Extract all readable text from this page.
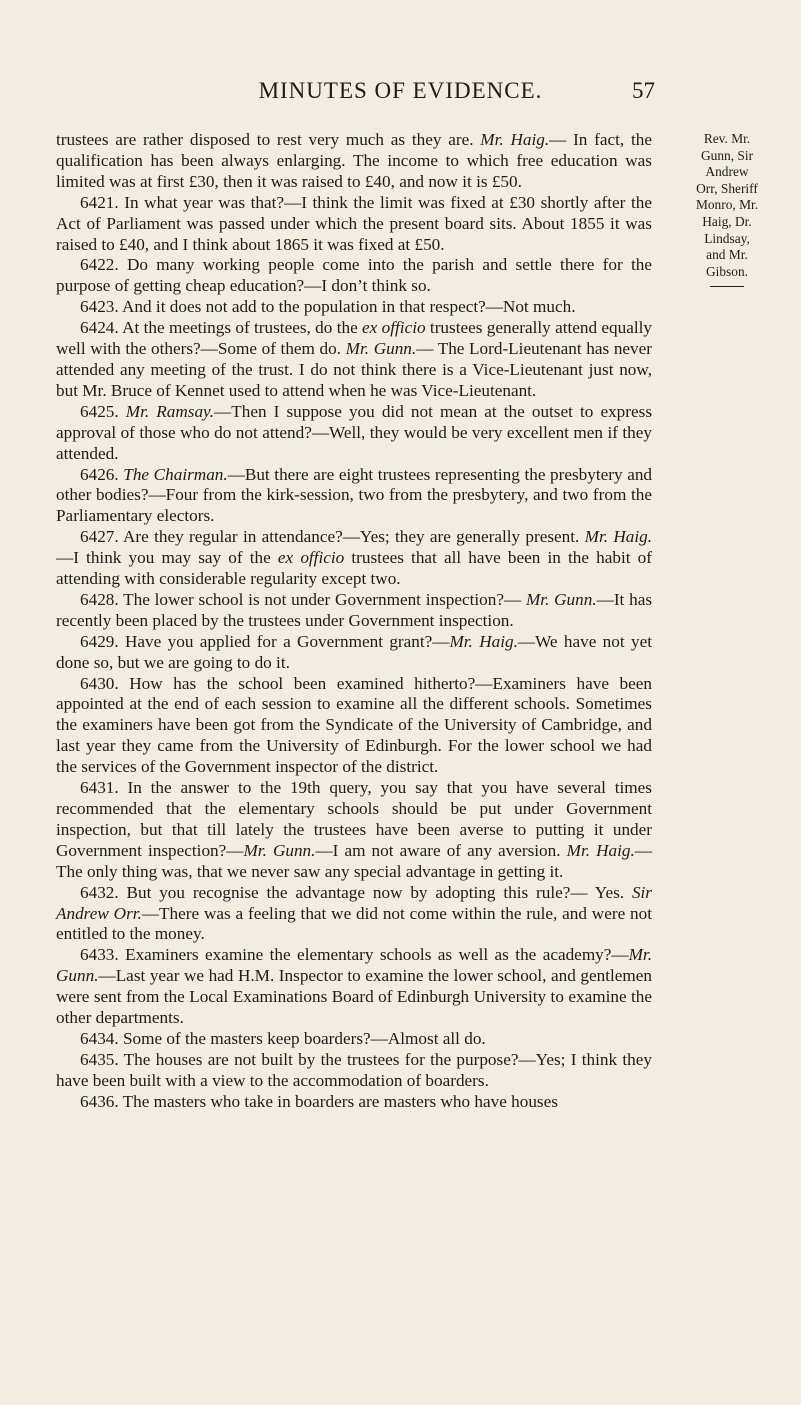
MINUTES OF EVIDENCE.	57

trustees are rather disposed to rest very much as they are. Mr. Haig.— In fact, the qualification has been always enlarging. The income to which free education was limited was at first £30, then it was raised to £40, and now it is £50.

6421. In what year was that?—I think the limit was fixed at £30 shortly after the Act of Parliament was passed under which the present board sits. About 1855 it was raised to £40, and I think about 1865 it was fixed at £50.

6422. Do many working people come into the parish and settle there for the purpose of getting cheap education?—I don’t think so.

6423. And it does not add to the population in that respect?—Not much.

6424. At the meetings of trustees, do the ex officio trustees generally attend equally well with the others?—Some of them do. Mr. Gunn.— The Lord-Lieutenant has never attended any meeting of the trust. I do not think there is a Vice-Lieutenant just now, but Mr. Bruce of Kennet used to attend when he was Vice-Lieutenant.

6425. Mr. Ramsay.—Then I suppose you did not mean at the outset to express approval of those who do not attend?—Well, they would be very excellent men if they attended.

6426. The Chairman.—But there are eight trustees representing the presbytery and other bodies?—Four from the kirk-session, two from the presbytery, and two from the Parliamentary electors.

6427. Are they regular in attendance?—Yes; they are generally present. Mr. Haig.—I think you may say of the ex officio trustees that all have been in the habit of attending with considerable regularity except two.

6428. The lower school is not under Government inspection?— Mr. Gunn.—It has recently been placed by the trustees under Government inspection.

6429. Have you applied for a Government grant?—Mr. Haig.—We have not yet done so, but we are going to do it.

6430. How has the school been examined hitherto?—Examiners have been appointed at the end of each session to examine all the different schools. Sometimes the examiners have been got from the Syndicate of the University of Cambridge, and last year they came from the University of Edinburgh. For the lower school we had the services of the Government inspector of the district.

6431. In the answer to the 19th query, you say that you have several times recommended that the elementary schools should be put under Government inspection, but that till lately the trustees have been averse to putting it under Government inspection?—Mr. Gunn.—I am not aware of any aversion. Mr. Haig.—The only thing was, that we never saw any special advantage in getting it.

6432. But you recognise the advantage now by adopting this rule?— Yes. Sir Andrew Orr.—There was a feeling that we did not come within the rule, and were not entitled to the money.

6433. Examiners examine the elementary schools as well as the academy?—Mr. Gunn.—Last year we had H.M. Inspector to examine the lower school, and gentlemen were sent from the Local Examinations Board of Edinburgh University to examine the other departments.

6434. Some of the masters keep boarders?—Almost all do.

6435. The houses are not built by the trustees for the purpose?—Yes; I think they have been built with a view to the accommodation of boarders.

6436. The masters who take in boarders are masters who have houses

Rev. Mr.
Gunn, Sir
Andrew
Orr, Sheriff
Monro, Mr.
Haig, Dr.
Lindsay,
and Mr.
Gibson.
